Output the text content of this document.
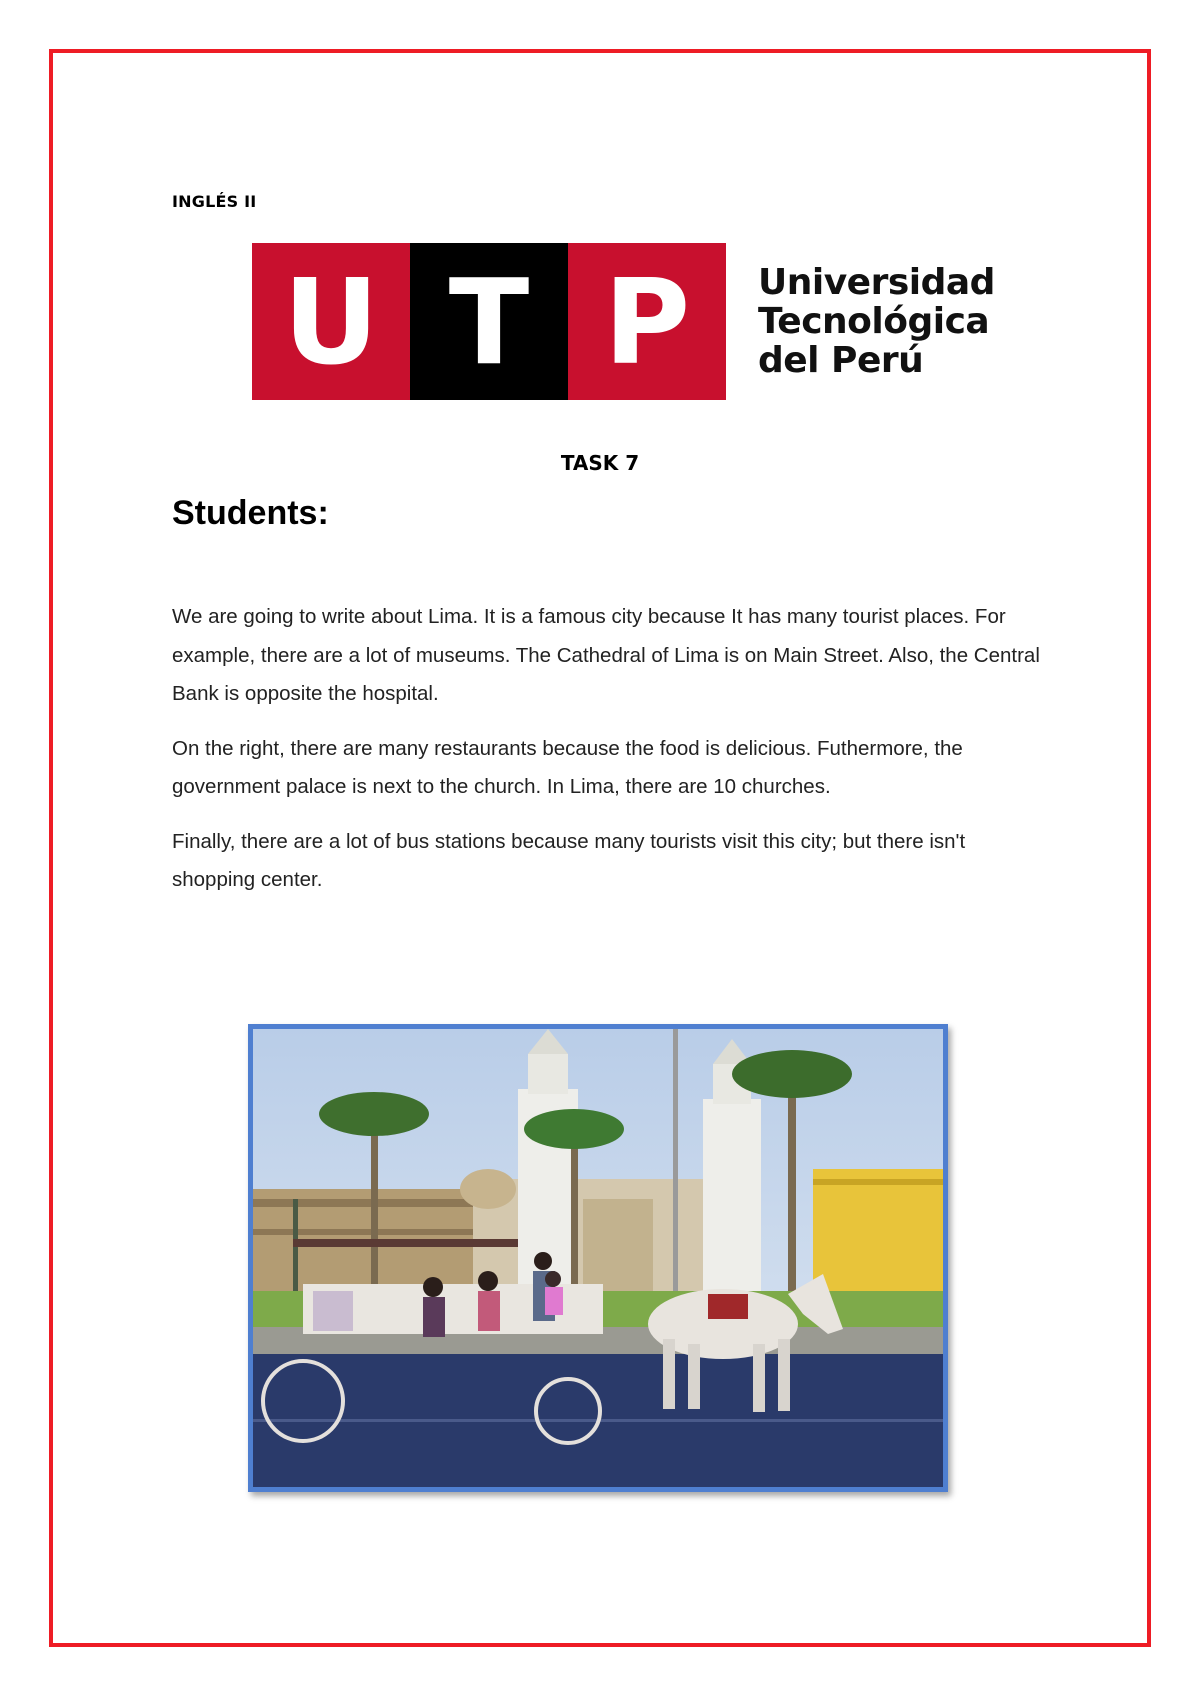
INGLÉS II
U T P Universidad
Tecnológica
del Perú
TASK 7
Students:

We are going to write about Lima. It is a famous city because It has many tourist places. For example, there are a lot of museums. The Cathedral of Lima is on Main Street. Also, the Central Bank is opposite the hospital.

On the right, there are many restaurants because the food is delicious. Futhermore, the government palace is next to the church. In Lima, there are 10 churches.

Finally, there are a lot of bus stations because many tourists visit this city; but there isn't shopping center.
